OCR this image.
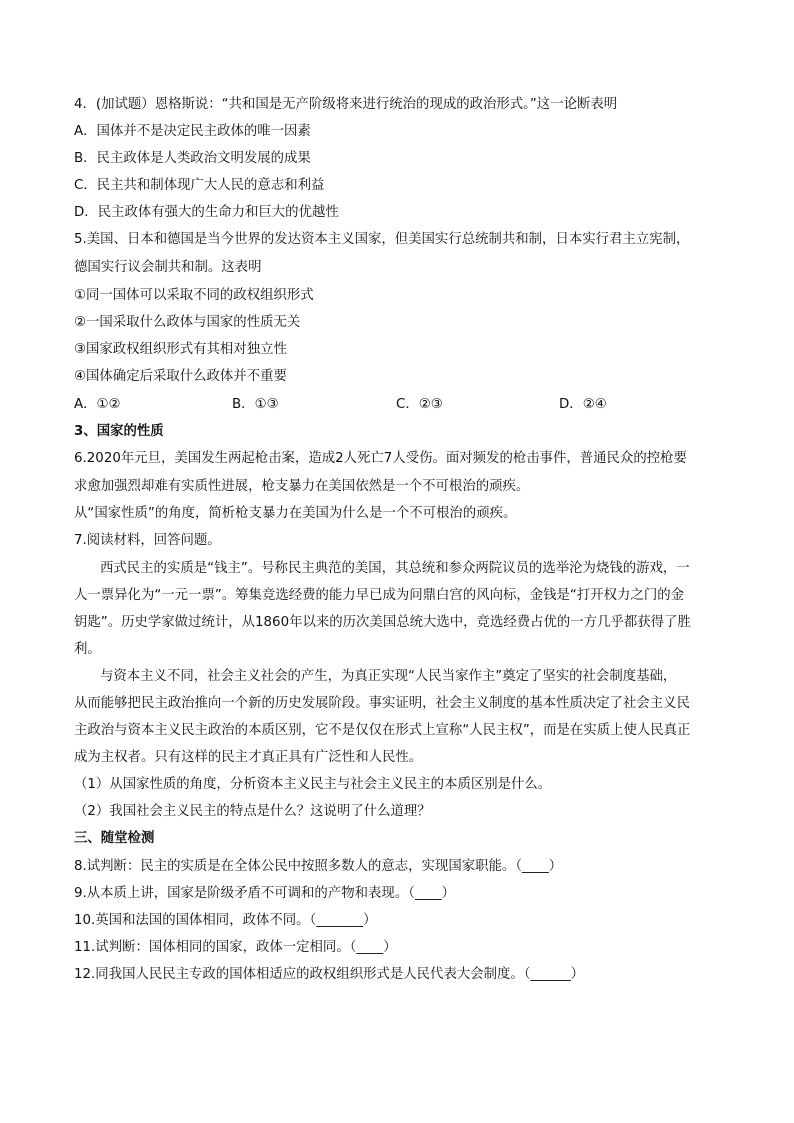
4．(加试题）恩格斯说：“共和国是无产阶级将来进行统治的现成的政治形式。”这一论断表明
A．国体并不是决定民主政体的唯一因素
B．民主政体是人类政治文明发展的成果
C．民主共和制体现广大人民的意志和利益
D．民主政体有强大的生命力和巨大的优越性
5.美国、日本和德国是当今世界的发达资本主义国家，但美国实行总统制共和制，日本实行君主立宪制，
德国实行议会制共和制。这表明
①同一国体可以采取不同的政权组织形式
②一国采取什么政体与国家的性质无关
③国家政权组织形式有其相对独立性
④国体确定后采取什么政体并不重要
A．①②	B．①③	C．②③	D．②④
3、国家的性质
6.2020年元旦，美国发生两起枪击案，造成2人死亡7人受伤。面对频发的枪击事件，普通民众的控枪要
求愈加强烈却难有实质性进展，枪支暴力在美国依然是一个不可根治的顽疾。
从“国家性质”的角度，简析枪支暴力在美国为什么是一个不可根治的顽疾。
7.阅读材料，回答问题。
西式民主的实质是“钱主”。号称民主典范的美国，其总统和参众两院议员的选举沦为烧钱的游戏，一
人一票异化为“一元一票”。筹集竞选经费的能力早已成为问鼎白宫的风向标，金钱是“打开权力之门的金
钥匙”。历史学家做过统计，从1860年以来的历次美国总统大选中，竞选经费占优的一方几乎都获得了胜
利。
与资本主义不同，社会主义社会的产生，为真正实现“人民当家作主”奠定了坚实的社会制度基础，
从而能够把民主政治推向一个新的历史发展阶段。事实证明，社会主义制度的基本性质决定了社会主义民
主政治与资本主义民主政治的本质区别，它不是仅仅在形式上宣称“人民主权”，而是在实质上使人民真正
成为主权者。只有这样的民主才真正具有广泛性和人民性。
（1）从国家性质的角度，分析资本主义民主与社会主义民主的本质区别是什么。
（2）我国社会主义民主的特点是什么？这说明了什么道理？
三、随堂检测
8.试判断：民主的实质是在全体公民中按照多数人的意志，实现国家职能。（____）
9.从本质上讲，国家是阶级矛盾不可调和的产物和表现。（____）
10.英国和法国的国体相同，政体不同。（_______）
11.试判断：国体相同的国家，政体一定相同。（____）
12.同我国人民民主专政的国体相适应的政权组织形式是人民代表大会制度。（______）
